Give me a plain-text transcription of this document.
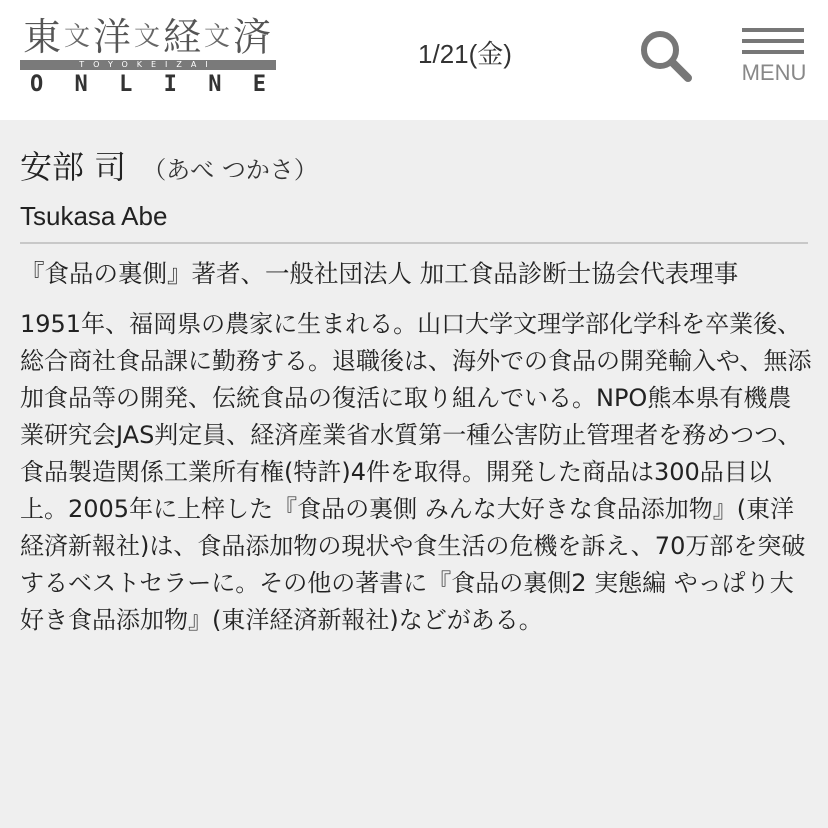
東 ⽂洋 ⽂経 ⽂済
TOYOKEIZAI
O N L I N E
1/21(金)
MENU
安部 司 （あべ つかさ）
Tsukasa Abe
『食品の裏側』著者、一般社団法人 加工食品診断士協会代表理事
1951年、福岡県の農家に生まれる。山口大学文理学部化学科を卒業後、総合商社食品課に勤務する。退職後は、海外での食品の開発輸入や、無添加食品等の開発、伝統食品の復活に取り組んでいる。NPO熊本県有機農業研究会JAS判定員、経済産業省水質第一種公害防止管理者を務めつつ、食品製造関係工業所有権(特許)4件を取得。開発した商品は300品目以上。2005年に上梓した『食品の裏側 みんな大好きな食品添加物』(東洋経済新報社)は、食品添加物の現状や食生活の危機を訴え、70万部を突破するベストセラーに。その他の著書に『食品の裏側2 実態編 やっぱり大好き食品添加物』(東洋経済新報社)などがある。
